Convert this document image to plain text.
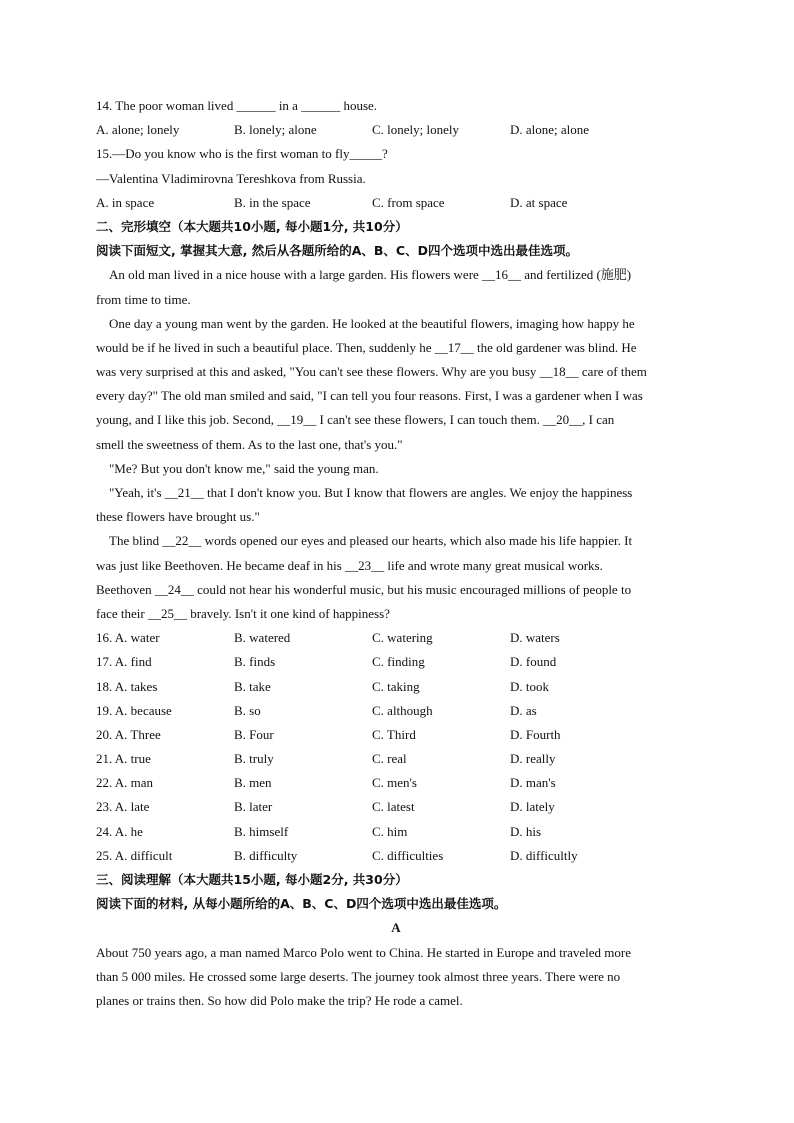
14. The poor woman lived ______ in a ______ house.
A. alone; lonely	B. lonely; alone	C. lonely; lonely	D. alone; alone
15.—Do you know who is the first woman to fly_____?
—Valentina Vladimirovna Tereshkova from Russia.
A. in space	B. in the space	C. from space	D. at space
二、完形填空（本大题共10小题, 每小题1分, 共10分）
阅读下面短文, 掌握其大意, 然后从各题所给的A、B、C、D四个选项中选出最佳选项。
An old man lived in a nice house with a large garden. His flowers were __16__ and fertilized (施肥)
from time to time.
One day a young man went by the garden. He looked at the beautiful flowers, imaging how happy he
would be if he lived in such a beautiful place. Then, suddenly he __17__ the old gardener was blind. He
was very surprised at this and asked, "You can't see these flowers. Why are you busy __18__ care of them
every day?" The old man smiled and said, "I can tell you four reasons. First, I was a gardener when I was
young, and I like this job. Second, __19__ I can't see these flowers, I can touch them. __20__, I can
smell the sweetness of them. As to the last one, that's you."
"Me? But you don't know me," said the young man.
"Yeah, it's __21__ that I don't know you. But I know that flowers are angles. We enjoy the happiness
these flowers have brought us."
The blind __22__ words opened our eyes and pleased our hearts, which also made his life happier. It
was just like Beethoven. He became deaf in his __23__ life and wrote many great musical works.
Beethoven __24__ could not hear his wonderful music, but his music encouraged millions of people to
face their __25__ bravely. Isn't it one kind of happiness?
16. A. water	B. watered	C. watering	D. waters
17. A. find	B. finds	C. finding	D. found
18. A. takes	B. take	C. taking	D. took
19. A. because	B. so	C. although	D. as
20. A. Three	B. Four	C. Third	D. Fourth
21. A. true	B. truly	C. real	D. really
22. A. man	B. men	C. men's	D. man's
23. A. late	B. later	C. latest	D. lately
24. A. he	B. himself	C. him	D. his
25. A. difficult	B. difficulty	C. difficulties	D. difficultly
三、阅读理解（本大题共15小题, 每小题2分, 共30分）
阅读下面的材料, 从每小题所给的A、B、C、D四个选项中选出最佳选项。
A
About 750 years ago, a man named Marco Polo went to China. He started in Europe and traveled more
than 5 000 miles. He crossed some large deserts. The journey took almost three years. There were no
planes or trains then. So how did Polo make the trip? He rode a camel.
